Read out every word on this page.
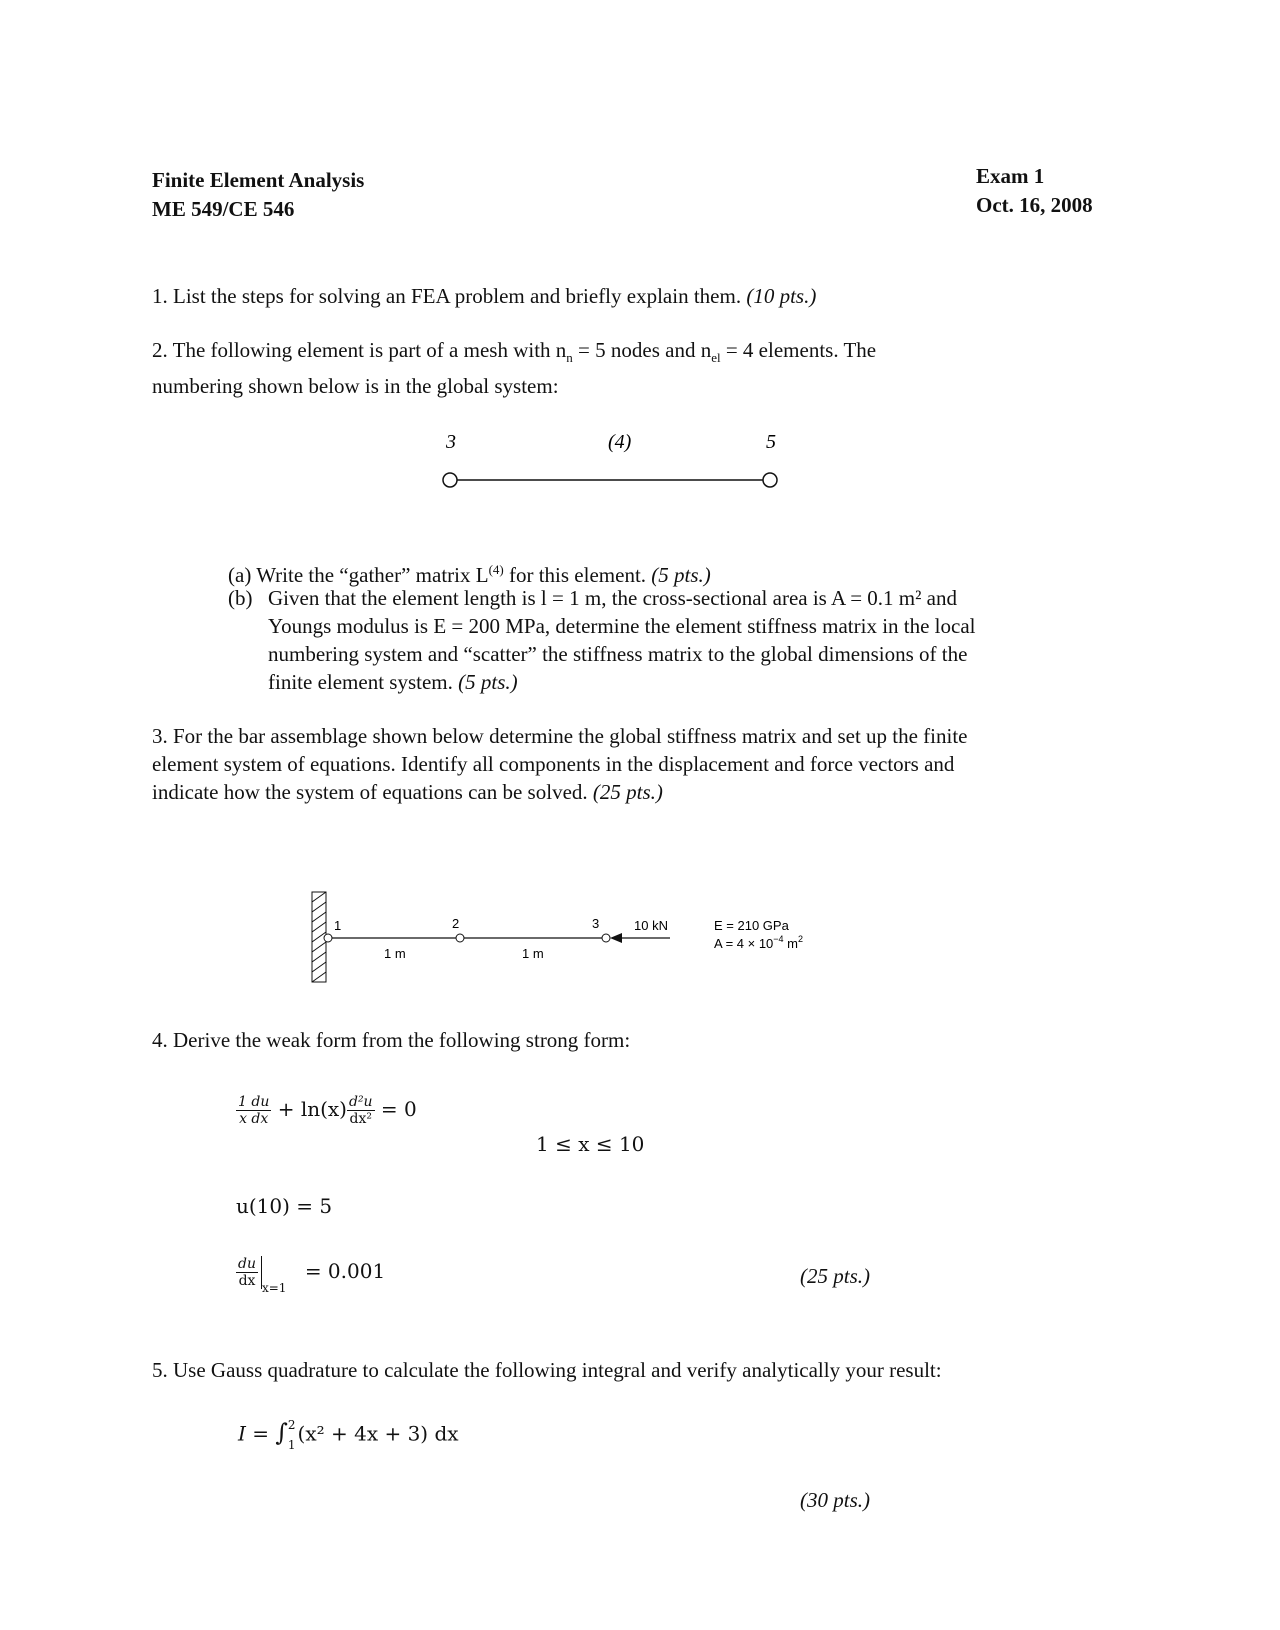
Finite Element Analysis
ME 549/CE 546
Exam 1
Oct. 16, 2008
1. List the steps for solving an FEA problem and briefly explain them. (10 pts.)
2. The following element is part of a mesh with $n_n = 5$ nodes and $n_{el} = 4$ elements. The
numbering shown below is in the global system:
3	(4)	5
(a) Write the “gather” matrix $L^{(4)}$ for this element. (5 pts.)
(b) Given that the element length is l = 1 m, the cross-sectional area is A = 0.1 m² and
Youngs modulus is E = 200 MPa, determine the element stiffness matrix in the local
numbering system and “scatter” the stiffness matrix to the global dimensions of the
finite element system. (5 pts.)
3. For the bar assemblage shown below determine the global stiffness matrix and set up the finite
element system of equations. Identify all components in the displacement and force vectors and
indicate how the system of equations can be solved. (25 pts.)
1	2	3
1 m	1 m
10 kN	E = 210 GPa
$A = 4 \times 10^{-4}$ $m^2$
4. Derive the weak form from the following strong form:
$\frac{1 du}{\text{x dx}} + \ln(x) \frac{\text{d²u}}{\text{dx²}} = 0$
1 ≤ x ≤ 10
u(10) = 5
$\frac{du}{dx} _{x=1} = 0.001$	(25 pts.)
5. Use Gauss quadrature to calculate the following integral and verify analytically your result:
I = ∫ 2
1 (x² + 4x + 3) dx
(30 pts.)
